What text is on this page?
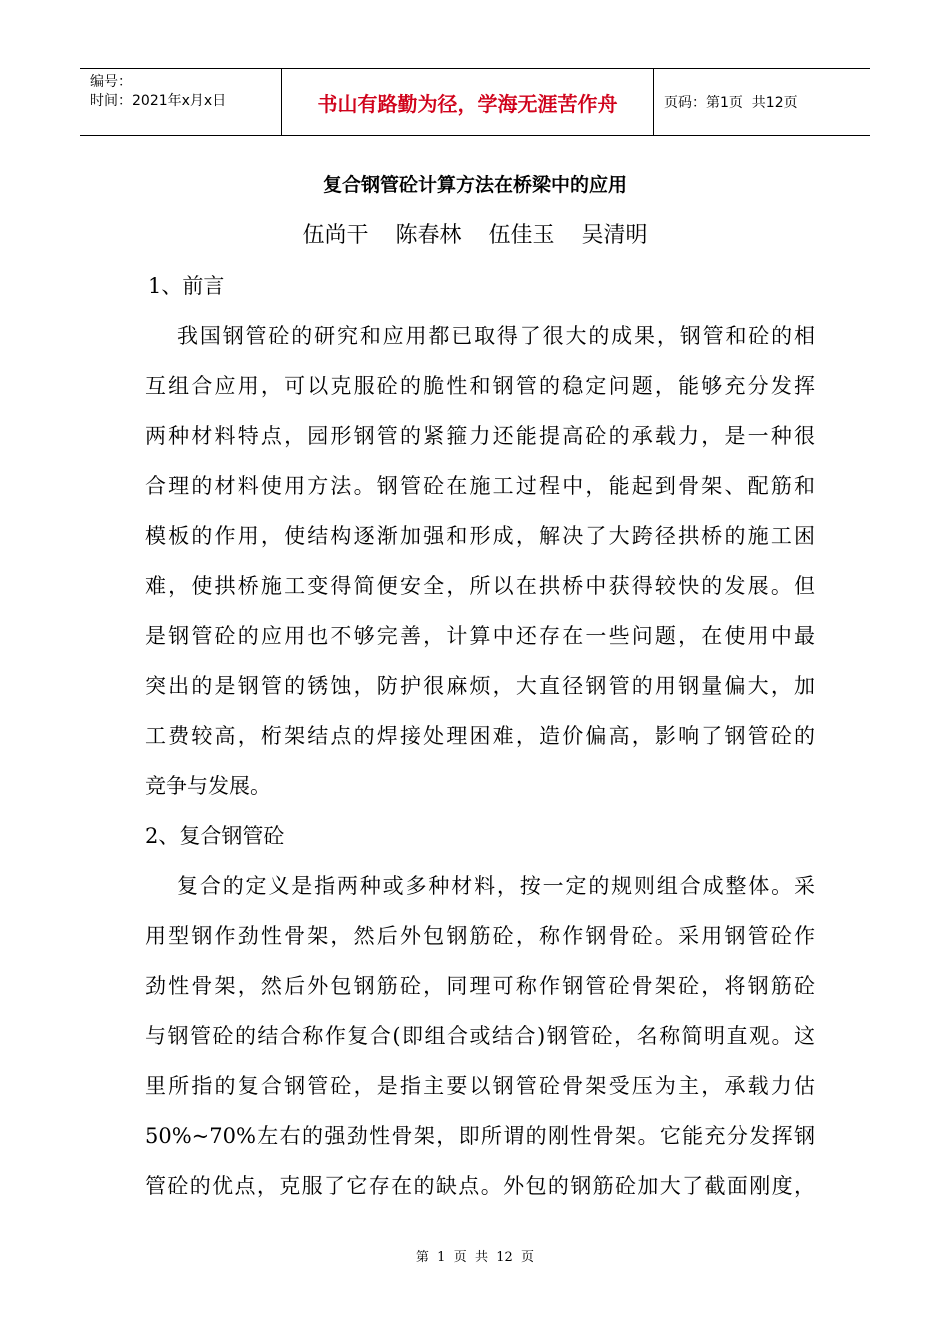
编号：
时间：2021年x月x日	书山有路勤为径，学海无涯苦作舟	页码：第1页  共12页
复合钢管砼计算方法在桥梁中的应用
伍尚干 陈春林 伍佳玉 吴清明
1、前言
我国钢管砼的研究和应用都已取得了很大的成果，钢管和砼的相
互组合应用，可以克服砼的脆性和钢管的稳定问题，能够充分发挥
两种材料特点，园形钢管的紧箍力还能提高砼的承载力，是一种很
合理的材料使用方法。钢管砼在施工过程中，能起到骨架、配筋和
模板的作用，使结构逐渐加强和形成，解决了大跨径拱桥的施工困
难，使拱桥施工变得简便安全，所以在拱桥中获得较快的发展。但
是钢管砼的应用也不够完善，计算中还存在一些问题，在使用中最
突出的是钢管的锈蚀，防护很麻烦，大直径钢管的用钢量偏大，加
工费较高，桁架结点的焊接处理困难，造价偏高，影响了钢管砼的
竞争与发展。
2、复合钢管砼
复合的定义是指两种或多种材料，按一定的规则组合成整体。采
用型钢作劲性骨架，然后外包钢筋砼，称作钢骨砼。采用钢管砼作
劲性骨架，然后外包钢筋砼，同理可称作钢管砼骨架砼，将钢筋砼
与钢管砼的结合称作复合(即组合或结合)钢管砼，名称简明直观。这
里所指的复合钢管砼，是指主要以钢管砼骨架受压为主，承载力估
50%~70%左右的强劲性骨架，即所谓的刚性骨架。它能充分发挥钢
管砼的优点，克服了它存在的缺点。外包的钢筋砼加大了截面刚度，
第  1  页  共  12  页
